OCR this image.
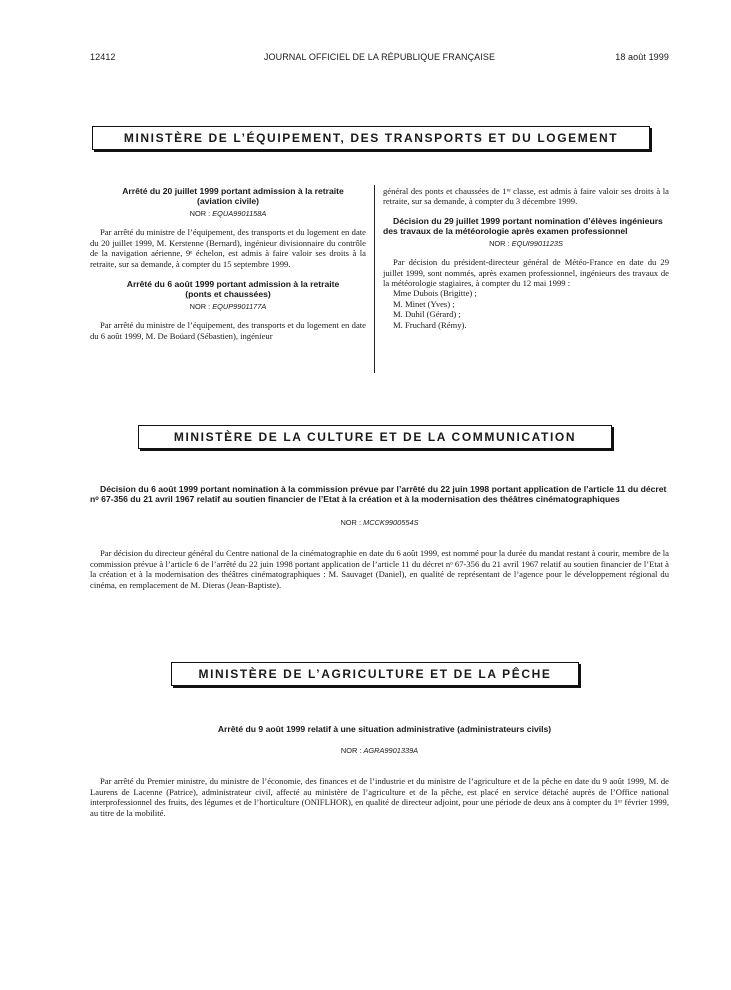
12412	JOURNAL OFFICIEL DE LA RÉPUBLIQUE FRANÇAISE	18 août 1999
MINISTÈRE DE L’ÉQUIPEMENT, DES TRANSPORTS ET DU LOGEMENT

Arrêté du 20 juillet 1999 portant admission à la retraite (aviation civile)

NOR : EQUA9901158A

Par arrêté du ministre de l’équipement, des transports et du logement en date du 20 juillet 1999, M. Kerstenne (Bernard), ingénieur divisionnaire du contrôle de la navigation aérienne, 9ᵉ échelon, est admis à faire valoir ses droits à la retraite, sur sa demande, à compter du 15 septembre 1999.

Arrêté du 6 août 1999 portant admission à la retraite (ponts et chaussées)

NOR : EQUP9901177A

Par arrêté du ministre de l’équipement, des transports et du logement en date du 6 août 1999, M. De Boüard (Sébastien), ingénieur

général des ponts et chaussées de 1ʳᵉ classe, est admis à faire valoir ses droits à la retraite, sur sa demande, à compter du 3 décembre 1999.

Décision du 29 juillet 1999 portant nomination d’élèves ingénieurs des travaux de la météorologie après examen professionnel

NOR : EQUI9901123S

Par décision du président-directeur général de Météo-France en date du 29 juillet 1999, sont nommés, après examen professionnel, ingénieurs des travaux de la météorologie stagiaires, à compter du 12 mai 1999 :

Mme Dubois (Brigitte) ;
M. Minet (Yves) ;
M. Duhil (Gérard) ;
M. Fruchard (Rémy).
MINISTÈRE DE LA CULTURE ET DE LA COMMUNICATION

Décision du 6 août 1999 portant nomination à la commission prévue par l’arrêté du 22 juin 1998 portant application de l’article 11 du décret nᵒ 67-356 du 21 avril 1967 relatif au soutien financier de l’Etat à la création et à la modernisation des théâtres cinématographiques

NOR : MCCK9900554S

Par décision du directeur général du Centre national de la cinématographie en date du 6 août 1999, est nommé pour la durée du mandat restant à courir, membre de la commission prévue à l’article 6 de l’arrêté du 22 juin 1998 portant application de l’article 11 du décret nᵒ 67-356 du 21 avril 1967 relatif au soutien financier de l’Etat à la création et à la modernisation des théâtres cinématographiques : M. Sauvaget (Daniel), en qualité de représentant de l’agence pour le développement régional du cinéma, en remplacement de M. Dieras (Jean-Baptiste).

MINISTÈRE DE L’AGRICULTURE ET DE LA PÊCHE

Arrêté du 9 août 1999 relatif à une situation administrative (administrateurs civils)

NOR : AGRA9901339A

Par arrêté du Premier ministre, du ministre de l’économie, des finances et de l’industrie et du ministre de l’agriculture et de la pêche en date du 9 août 1999, M. de Laurens de Lacenne (Patrice), administrateur civil, affecté au ministère de l’agriculture et de la pêche, est placé en service détaché auprès de l’Office national interprofessionnel des fruits, des légumes et de l’horticulture (ONIFLHOR), en qualité de directeur adjoint, pour une période de deux ans à compter du 1ᵉʳ février 1999, au titre de la mobilité.
